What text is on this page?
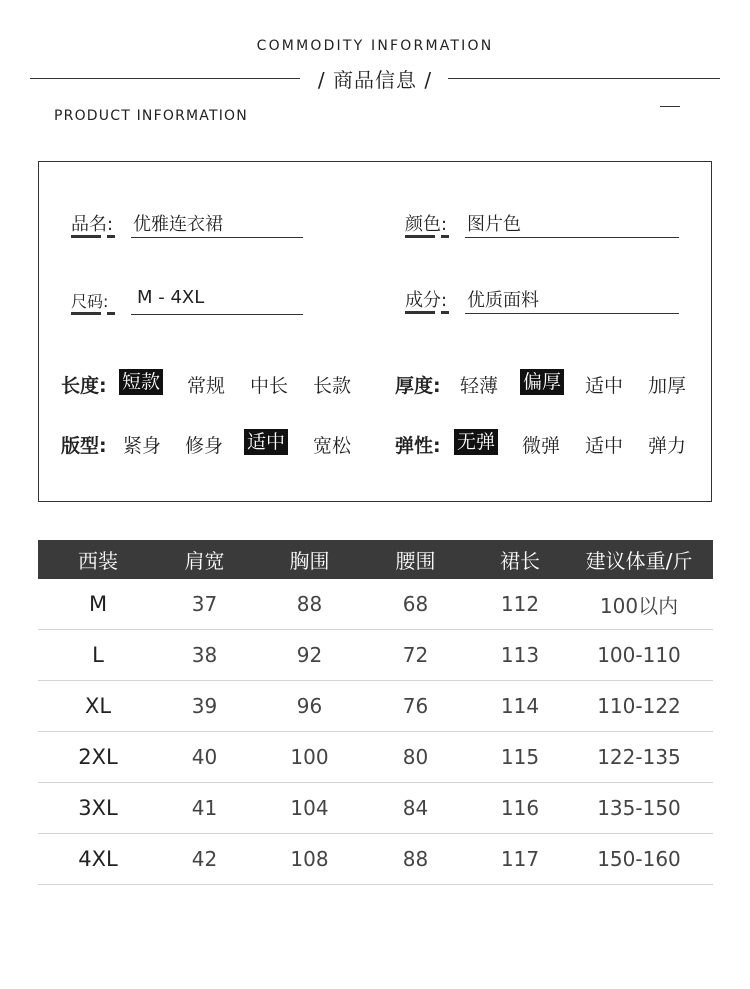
COMMODITY INFORMATION
/ 商品信息 /
PRODUCT INFORMATION
品名: 优雅连衣裙	颜色: 图片色
尺码: M - 4XL	成分: 优质面料
长度: 短款 常规 中长 长款 厚度: 轻薄 偏厚 适中 加厚
版型: 紧身 修身 适中 宽松 弹性: 无弹 微弹 适中 弹力
西装	肩宽	胸围	腰围	裙长	建议体重/斤
M	37	88	68	112	100以内
L	38	92	72	113	100-110
XL	39	96	76	114	110-122
2XL	40	100	80	115	122-135
3XL	41	104	84	116	135-150
4XL	42	108	88	117	150-160
